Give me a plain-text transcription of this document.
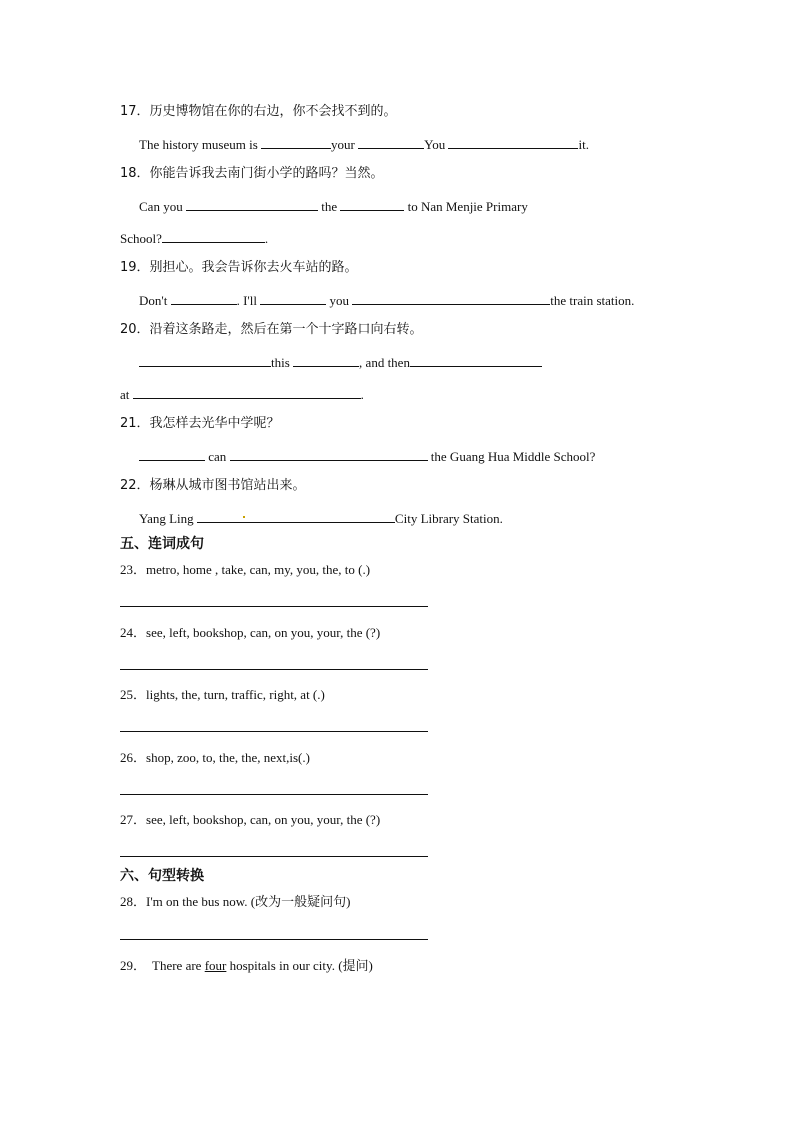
17．历史博物馆在你的右边，你不会找不到的。
The history museum is	your	You	it.
18．你能告诉我去南门街小学的路吗？当然。
Can you	the	to Nan Menjie Primary
School?	.
19．别担心。我会告诉你去火车站的路。
Don't	. I'll	you	the train station.
20．沿着这条路走，然后在第一个十字路口向右转。
this	, and then
at	.
21．我怎样去光华中学呢？
can	the Guang Hua Middle School?
22．杨琳从城市图书馆站出来。
Yang Ling	City Library Station.
五、连词成句
23．metro, home , take, can, my, you, the, to (.)
24．see, left, bookshop, can, on you, your, the (?)
25．lights, the, turn, traffic, right, at (.)
26．shop, zoo, to, the, the, next,is(.)
27．see, left, bookshop, can, on you, your, the (?)
六、句型转换
28．I'm on the bus now. (改为一般疑问句)
29． There are four hospitals in our city. (提问)
